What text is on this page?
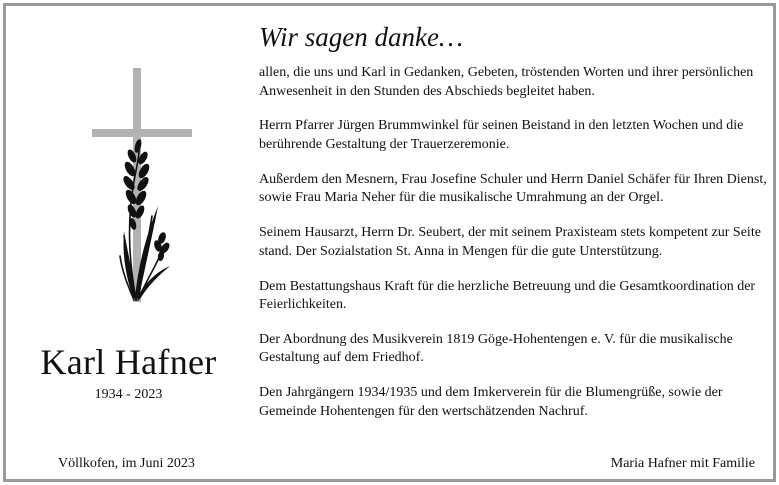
Karl Hafner
1934 - 2023
Völlkofen, im Juni 2023
Wir sagen danke…

allen, die uns und Karl in Gedanken, Gebeten, tröstenden Worten und ihrer persönlichen Anwesenheit in den Stunden des Abschieds begleitet haben.

Herrn Pfarrer Jürgen Brummwinkel für seinen Beistand in den letzten Wochen und die berührende Gestaltung der Trauerzeremonie.

Außerdem den Mesnern, Frau Josefine Schuler und Herrn Daniel Schäfer für Ihren Dienst, sowie Frau Maria Neher für die musikalische Umrahmung an der Orgel.

Seinem Hausarzt, Herrn Dr. Seubert, der mit seinem Praxisteam stets kompetent zur Seite stand. Der Sozialstation St. Anna in Mengen für die gute Unterstützung.

Dem Bestattungshaus Kraft für die herzliche Betreuung und die Gesamtkoordination der Feierlichkeiten.

Der Abordnung des Musikverein 1819 Göge-Hohentengen e. V. für die musikalische Gestaltung auf dem Friedhof.

Den Jahrgängern 1934/1935 und dem Imkerverein für die Blumengrüße, sowie der Gemeinde Hohentengen für den wertschätzenden Nachruf.

Maria Hafner mit Familie
